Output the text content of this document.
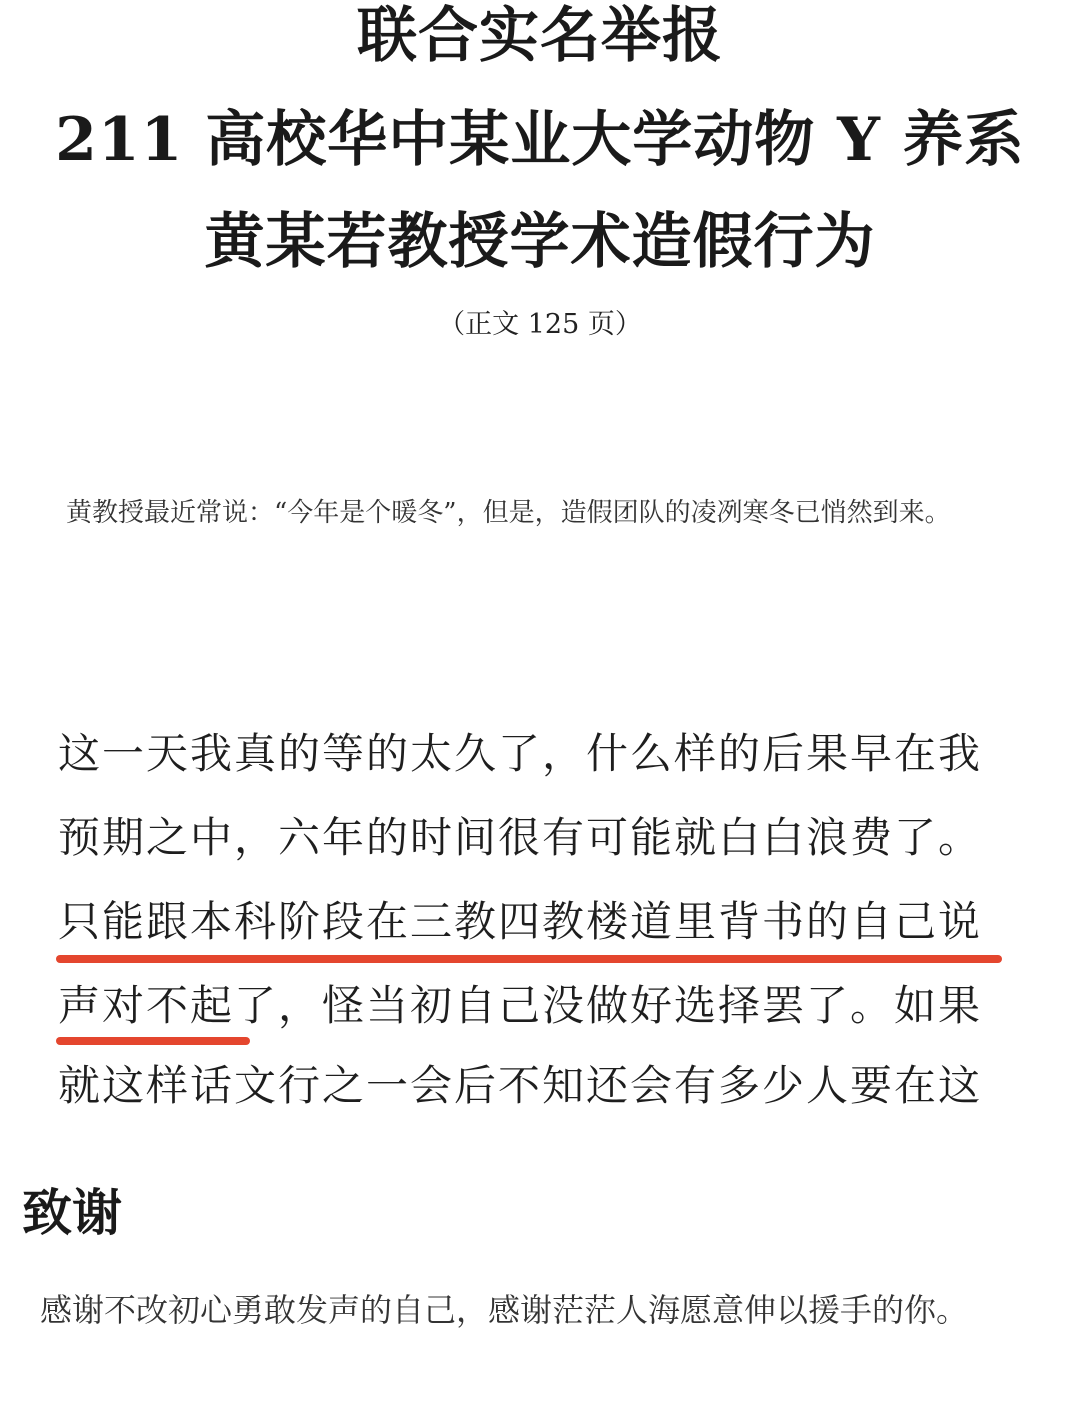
联合实名举报
211 高校华中某业大学动物 Y 养系
黄某若教授学术造假行为
（正文 125 页）
黄教授最近常说：“今年是个暖冬”，但是，造假团队的凌冽寒冬已悄然到来。
这一天我真的等的太久了，什么样的后果早在我
预期之中，六年的时间很有可能就白白浪费了。
只能跟本科阶段在三教四教楼道里背书的自己说
声对不起了，怪当初自己没做好选择罢了。如果
就这样话文行之一会后不知还会有多少人要在这
致谢
感谢不改初心勇敢发声的自己，感谢茫茫人海愿意伸以援手的你。
